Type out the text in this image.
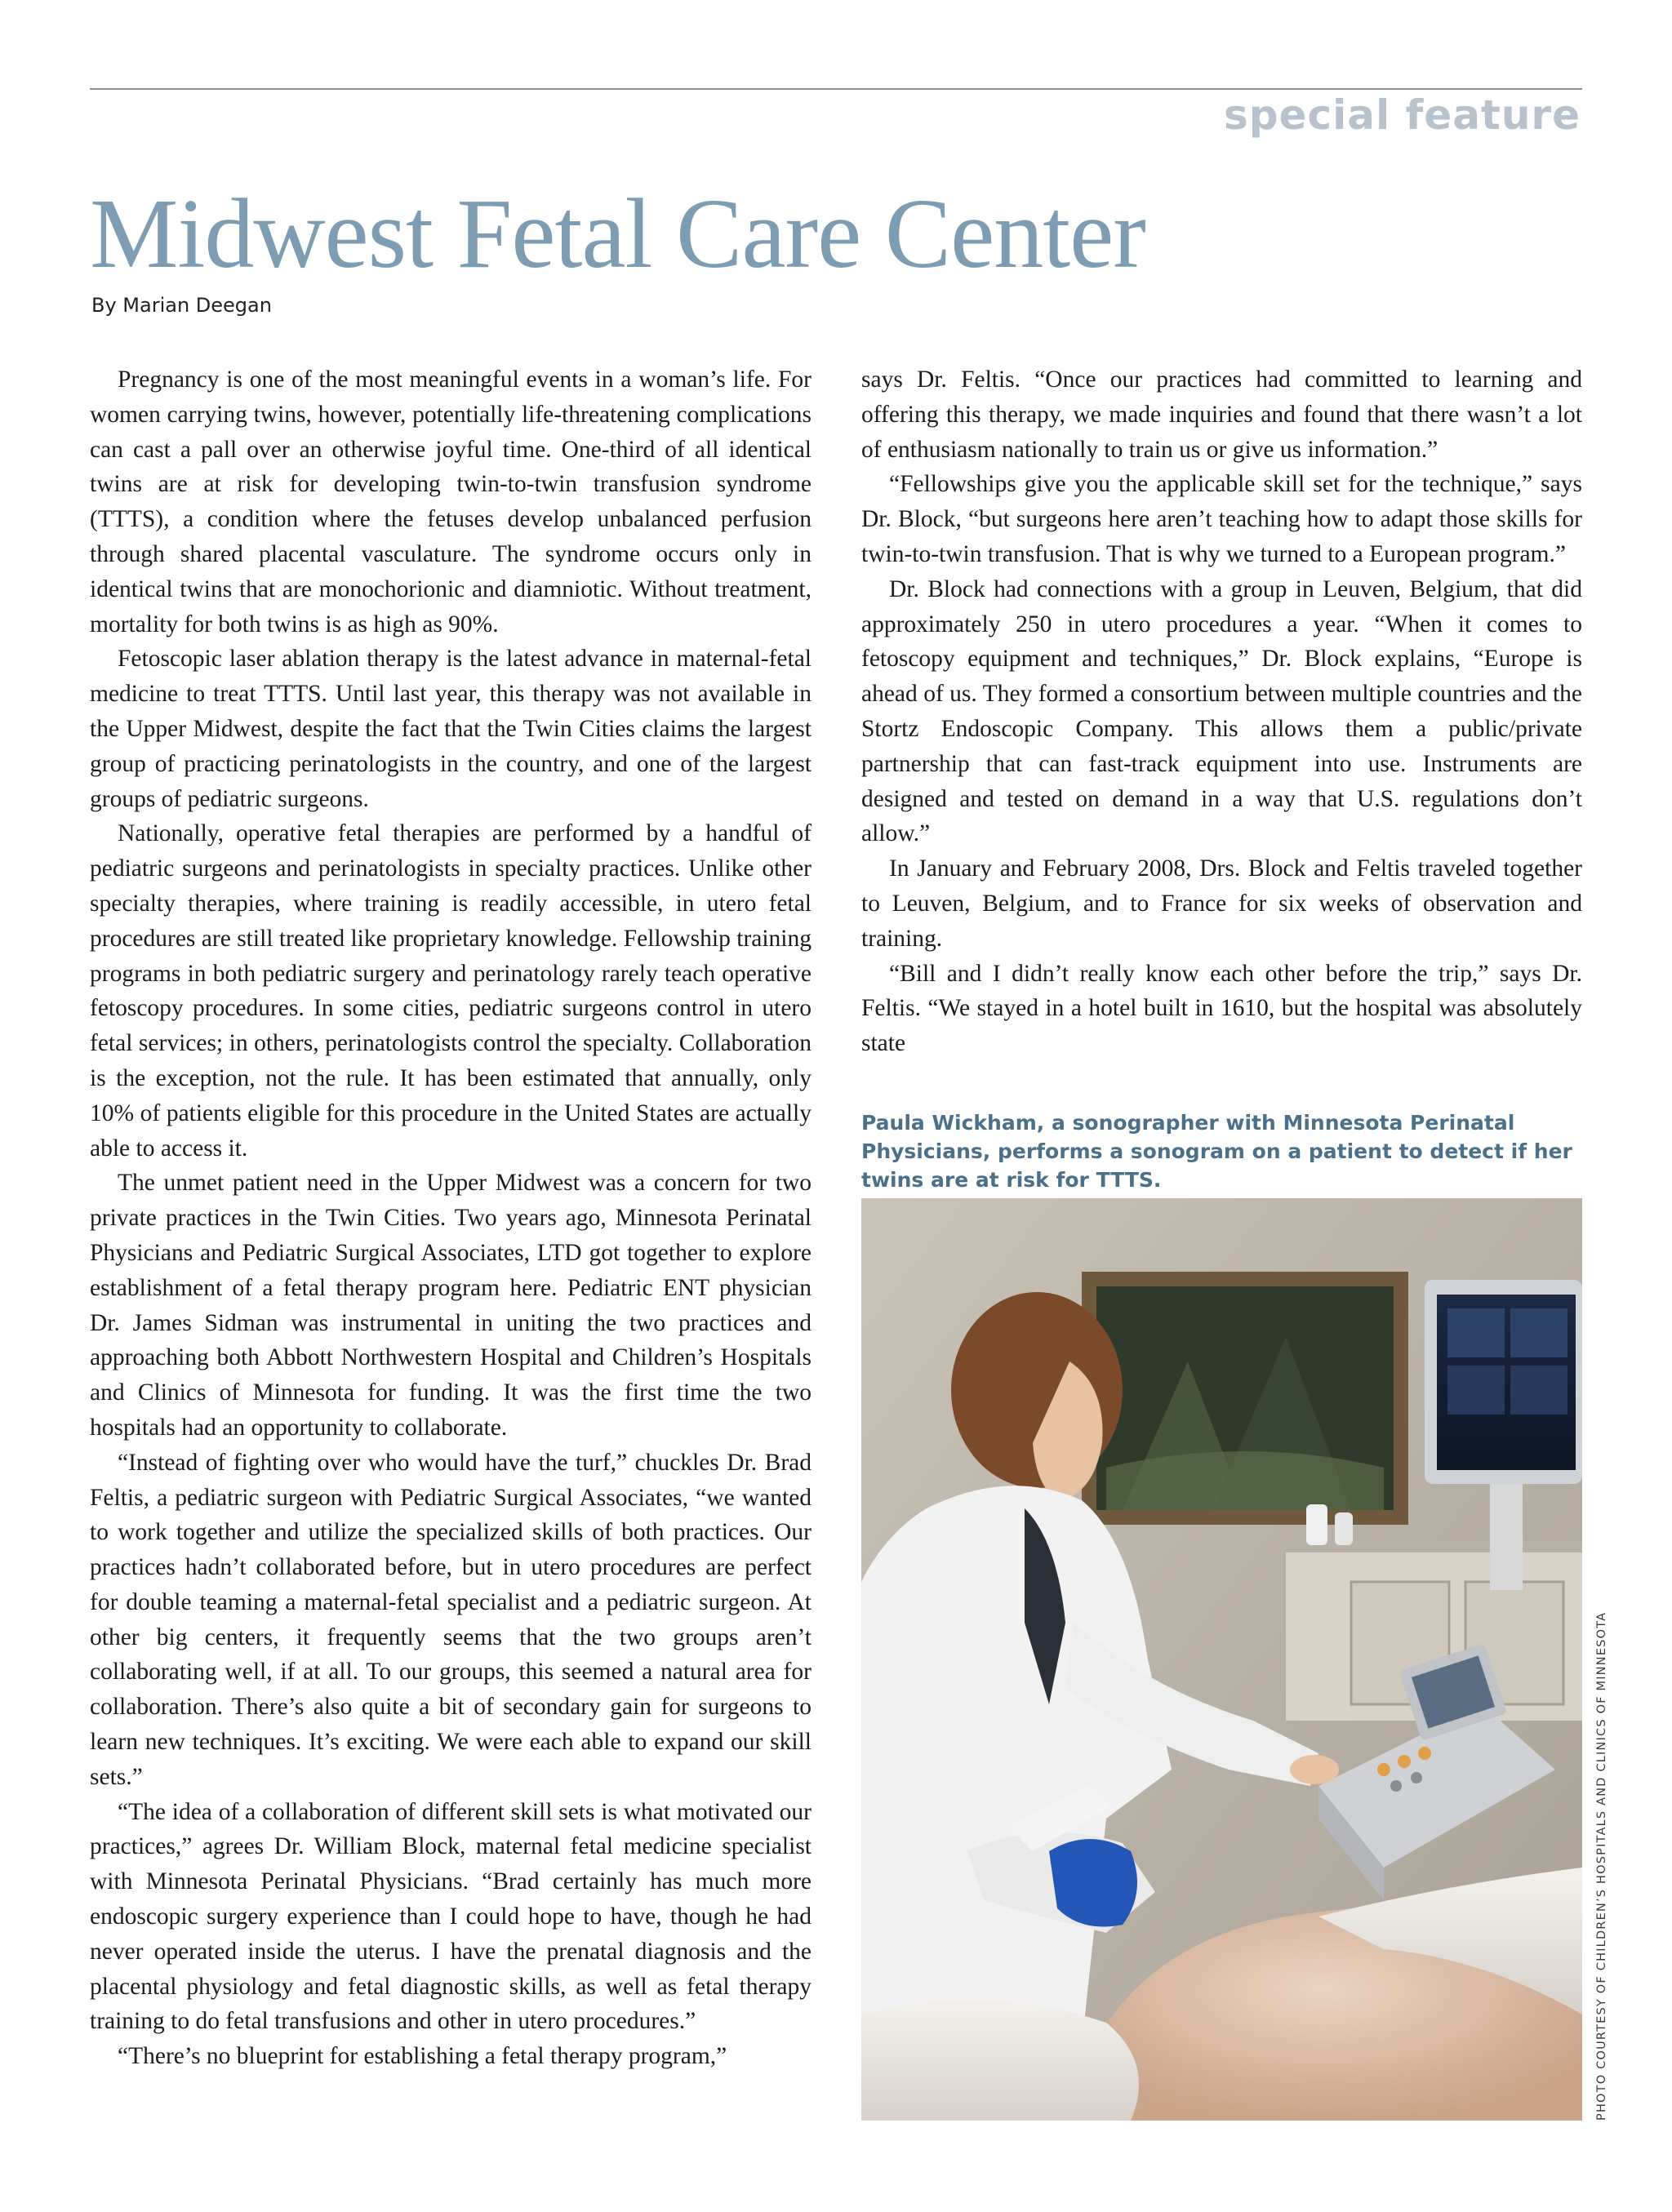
special feature
Midwest Fetal Care Center
By Marian Deegan

Pregnancy is one of the most meaningful events in a woman’s life. For women carrying twins, however, potentially life-threatening complications can cast a pall over an otherwise joyful time. One-third of all identical twins are at risk for developing twin-to-twin transfusion syndrome (TTTS), a condition where the fetuses develop unbalanced perfusion through shared placental vasculature. The syndrome occurs only in identical twins that are monochorionic and diamniotic. Without treatment, mortality for both twins is as high as 90%.

Fetoscopic laser ablation therapy is the latest advance in maternal-fetal medicine to treat TTTS. Until last year, this therapy was not available in the Upper Midwest, despite the fact that the Twin Cities claims the largest group of practicing perinatologists in the country, and one of the largest groups of pediatric surgeons.

Nationally, operative fetal therapies are performed by a handful of pediatric surgeons and perinatologists in specialty practices. Unlike other specialty therapies, where training is readily accessible, in utero fetal procedures are still treated like proprietary knowledge. Fellowship training programs in both pediatric surgery and perinatology rarely teach operative fetoscopy procedures. In some cities, pediatric surgeons control in utero fetal services; in others, perinatologists control the specialty. Collaboration is the exception, not the rule. It has been estimated that annually, only 10% of patients eligible for this procedure in the United States are actually able to access it.

The unmet patient need in the Upper Midwest was a concern for two private practices in the Twin Cities. Two years ago, Minnesota Perinatal Physicians and Pediatric Surgical Associates, LTD got together to explore establishment of a fetal therapy program here. Pediatric ENT physician Dr. James Sidman was instrumental in uniting the two practices and approaching both Abbott Northwestern Hospital and Children’s Hospitals and Clinics of Minnesota for funding. It was the first time the two hospitals had an opportunity to collaborate.

“Instead of fighting over who would have the turf,” chuckles Dr. Brad Feltis, a pediatric surgeon with Pediatric Surgical Associates, “we wanted to work together and utilize the specialized skills of both practices. Our practices hadn’t collaborated before, but in utero procedures are perfect for double teaming a maternal-fetal specialist and a pediatric surgeon. At other big centers, it frequently seems that the two groups aren’t collaborating well, if at all. To our groups, this seemed a natural area for collaboration. There’s also quite a bit of secondary gain for surgeons to learn new techniques. It’s exciting. We were each able to expand our skill sets.”

“The idea of a collaboration of different skill sets is what motivated our practices,” agrees Dr. William Block, maternal fetal medicine specialist with Minnesota Perinatal Physicians. “Brad certainly has much more endoscopic surgery experience than I could hope to have, though he had never operated inside the uterus. I have the prenatal diagnosis and the placental physiology and fetal diagnostic skills, as well as fetal therapy training to do fetal transfusions and other in utero procedures.”

“There’s no blueprint for establishing a fetal therapy program,”

says Dr. Feltis. “Once our practices had committed to learning and offering this therapy, we made inquiries and found that there wasn’t a lot of enthusiasm nationally to train us or give us information.”

“Fellowships give you the applicable skill set for the technique,” says Dr. Block, “but surgeons here aren’t teaching how to adapt those skills for twin-to-twin transfusion. That is why we turned to a European program.”

Dr. Block had connections with a group in Leuven, Belgium, that did approximately 250 in utero procedures a year. “When it comes to fetoscopy equipment and techniques,” Dr. Block explains, “Europe is ahead of us. They formed a consortium between multiple countries and the Stortz Endoscopic Company. This allows them a public/private partnership that can fast-track equipment into use. Instruments are designed and tested on demand in a way that U.S. regulations don’t allow.”

In January and February 2008, Drs. Block and Feltis traveled together to Leuven, Belgium, and to France for six weeks of observation and training.

“Bill and I didn’t really know each other before the trip,” says Dr. Feltis. “We stayed in a hotel built in 1610, but the hospital was absolutely state

Paula Wickham, a sonographer with Minnesota Perinatal Physicians, performs a sonogram on a patient to detect if her twins are at risk for TTTS.

PHOTO COURTESY OF CHILDREN’S HOSPITALS AND CLINICS OF MINNESOTA
